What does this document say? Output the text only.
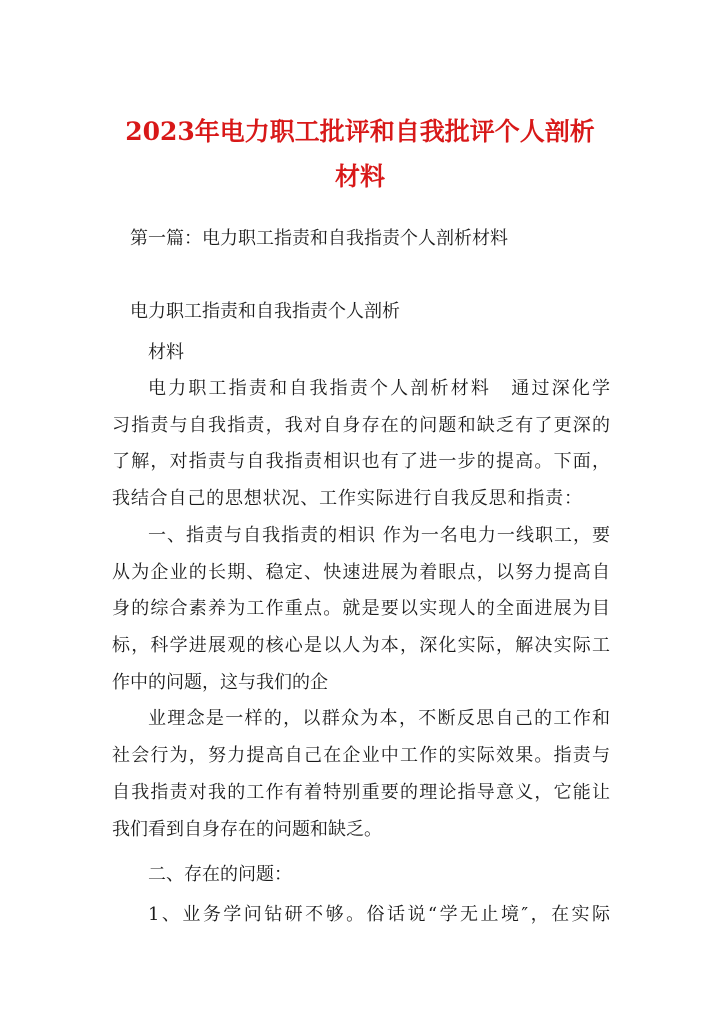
2023年电力职工批评和自我批评个人剖析
材料
第一篇：电力职工指责和自我指责个人剖析材料
电力职工指责和自我指责个人剖析
材料
电力职工指责和自我指责个人剖析材料　通过深化学
习指责与自我指责，我对自身存在的问题和缺乏有了更深的
了解，对指责与自我指责相识也有了进一步的提高。下面，
我结合自己的思想状况、工作实际进行自我反思和指责：
一、指责与自我指责的相识 作为一名电力一线职工，要
从为企业的长期、稳定、快速进展为着眼点，以努力提高自
身的综合素养为工作重点。就是要以实现人的全面进展为目
标，科学进展观的核心是以人为本，深化实际，解决实际工
作中的问题，这与我们的企
业理念是一样的，以群众为本，不断反思自己的工作和
社会行为，努力提高自己在企业中工作的实际效果。指责与
自我指责对我的工作有着特别重要的理论指导意义，它能让
我们看到自身存在的问题和缺乏。
二、存在的问题：
1、业务学问钻研不够。俗话说“学无止境″，在实际
